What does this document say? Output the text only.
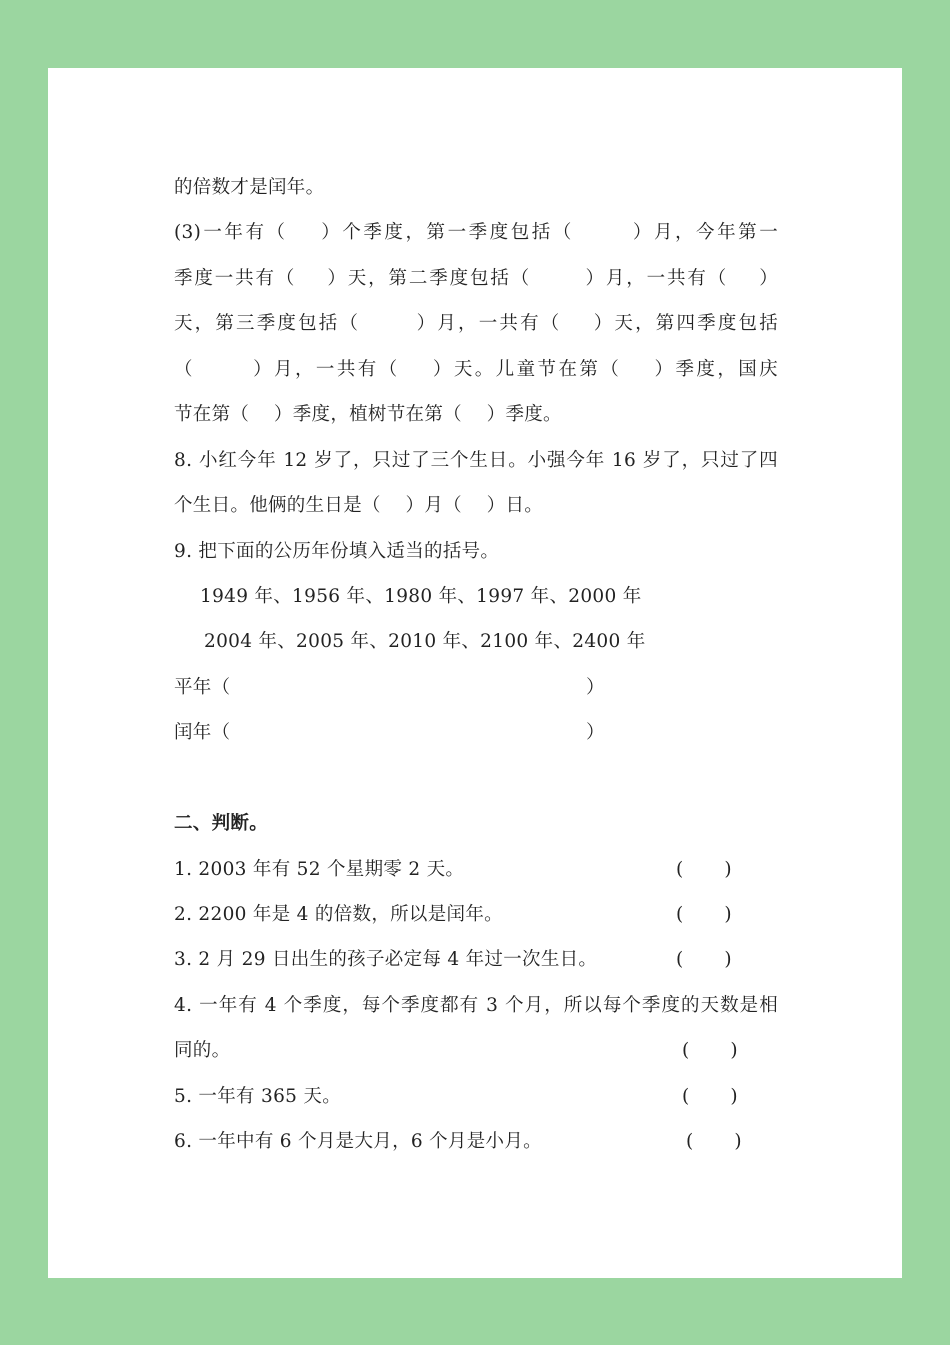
的倍数才是闰年。

(3)一年有（    ）个季度，第一季度包括（       ）月，今年第一

季度一共有（    ）天，第二季度包括（       ）月，一共有（    ）

天，第三季度包括（       ）月，一共有（    ）天，第四季度包括

（       ）月，一共有（    ）天。儿童节在第（    ）季度，国庆

节在第（    ）季度，植树节在第（    ）季度。

8. 小红今年 12 岁了，只过了三个生日。小强今年 16 岁了，只过了四

个生日。他俩的生日是（    ）月（    ）日。

9. 把下面的公历年份填入适当的括号。

1949 年、1956 年、1980 年、1997 年、2000 年

2004 年、2005 年、2010 年、2100 年、2400 年

平年（	）

闰年（	）

二、判断。

1. 2003 年有 52 个星期零 2 天。	(       )

2. 2200 年是 4 的倍数，所以是闰年。	(       )

3. 2 月 29 日出生的孩子必定每 4 年过一次生日。	(       )

4. 一年有 4 个季度，每个季度都有 3 个月，所以每个季度的天数是相

同的。	(       )

5. 一年有 365 天。	(       )

6. 一年中有 6 个月是大月，6 个月是小月。	(       )
